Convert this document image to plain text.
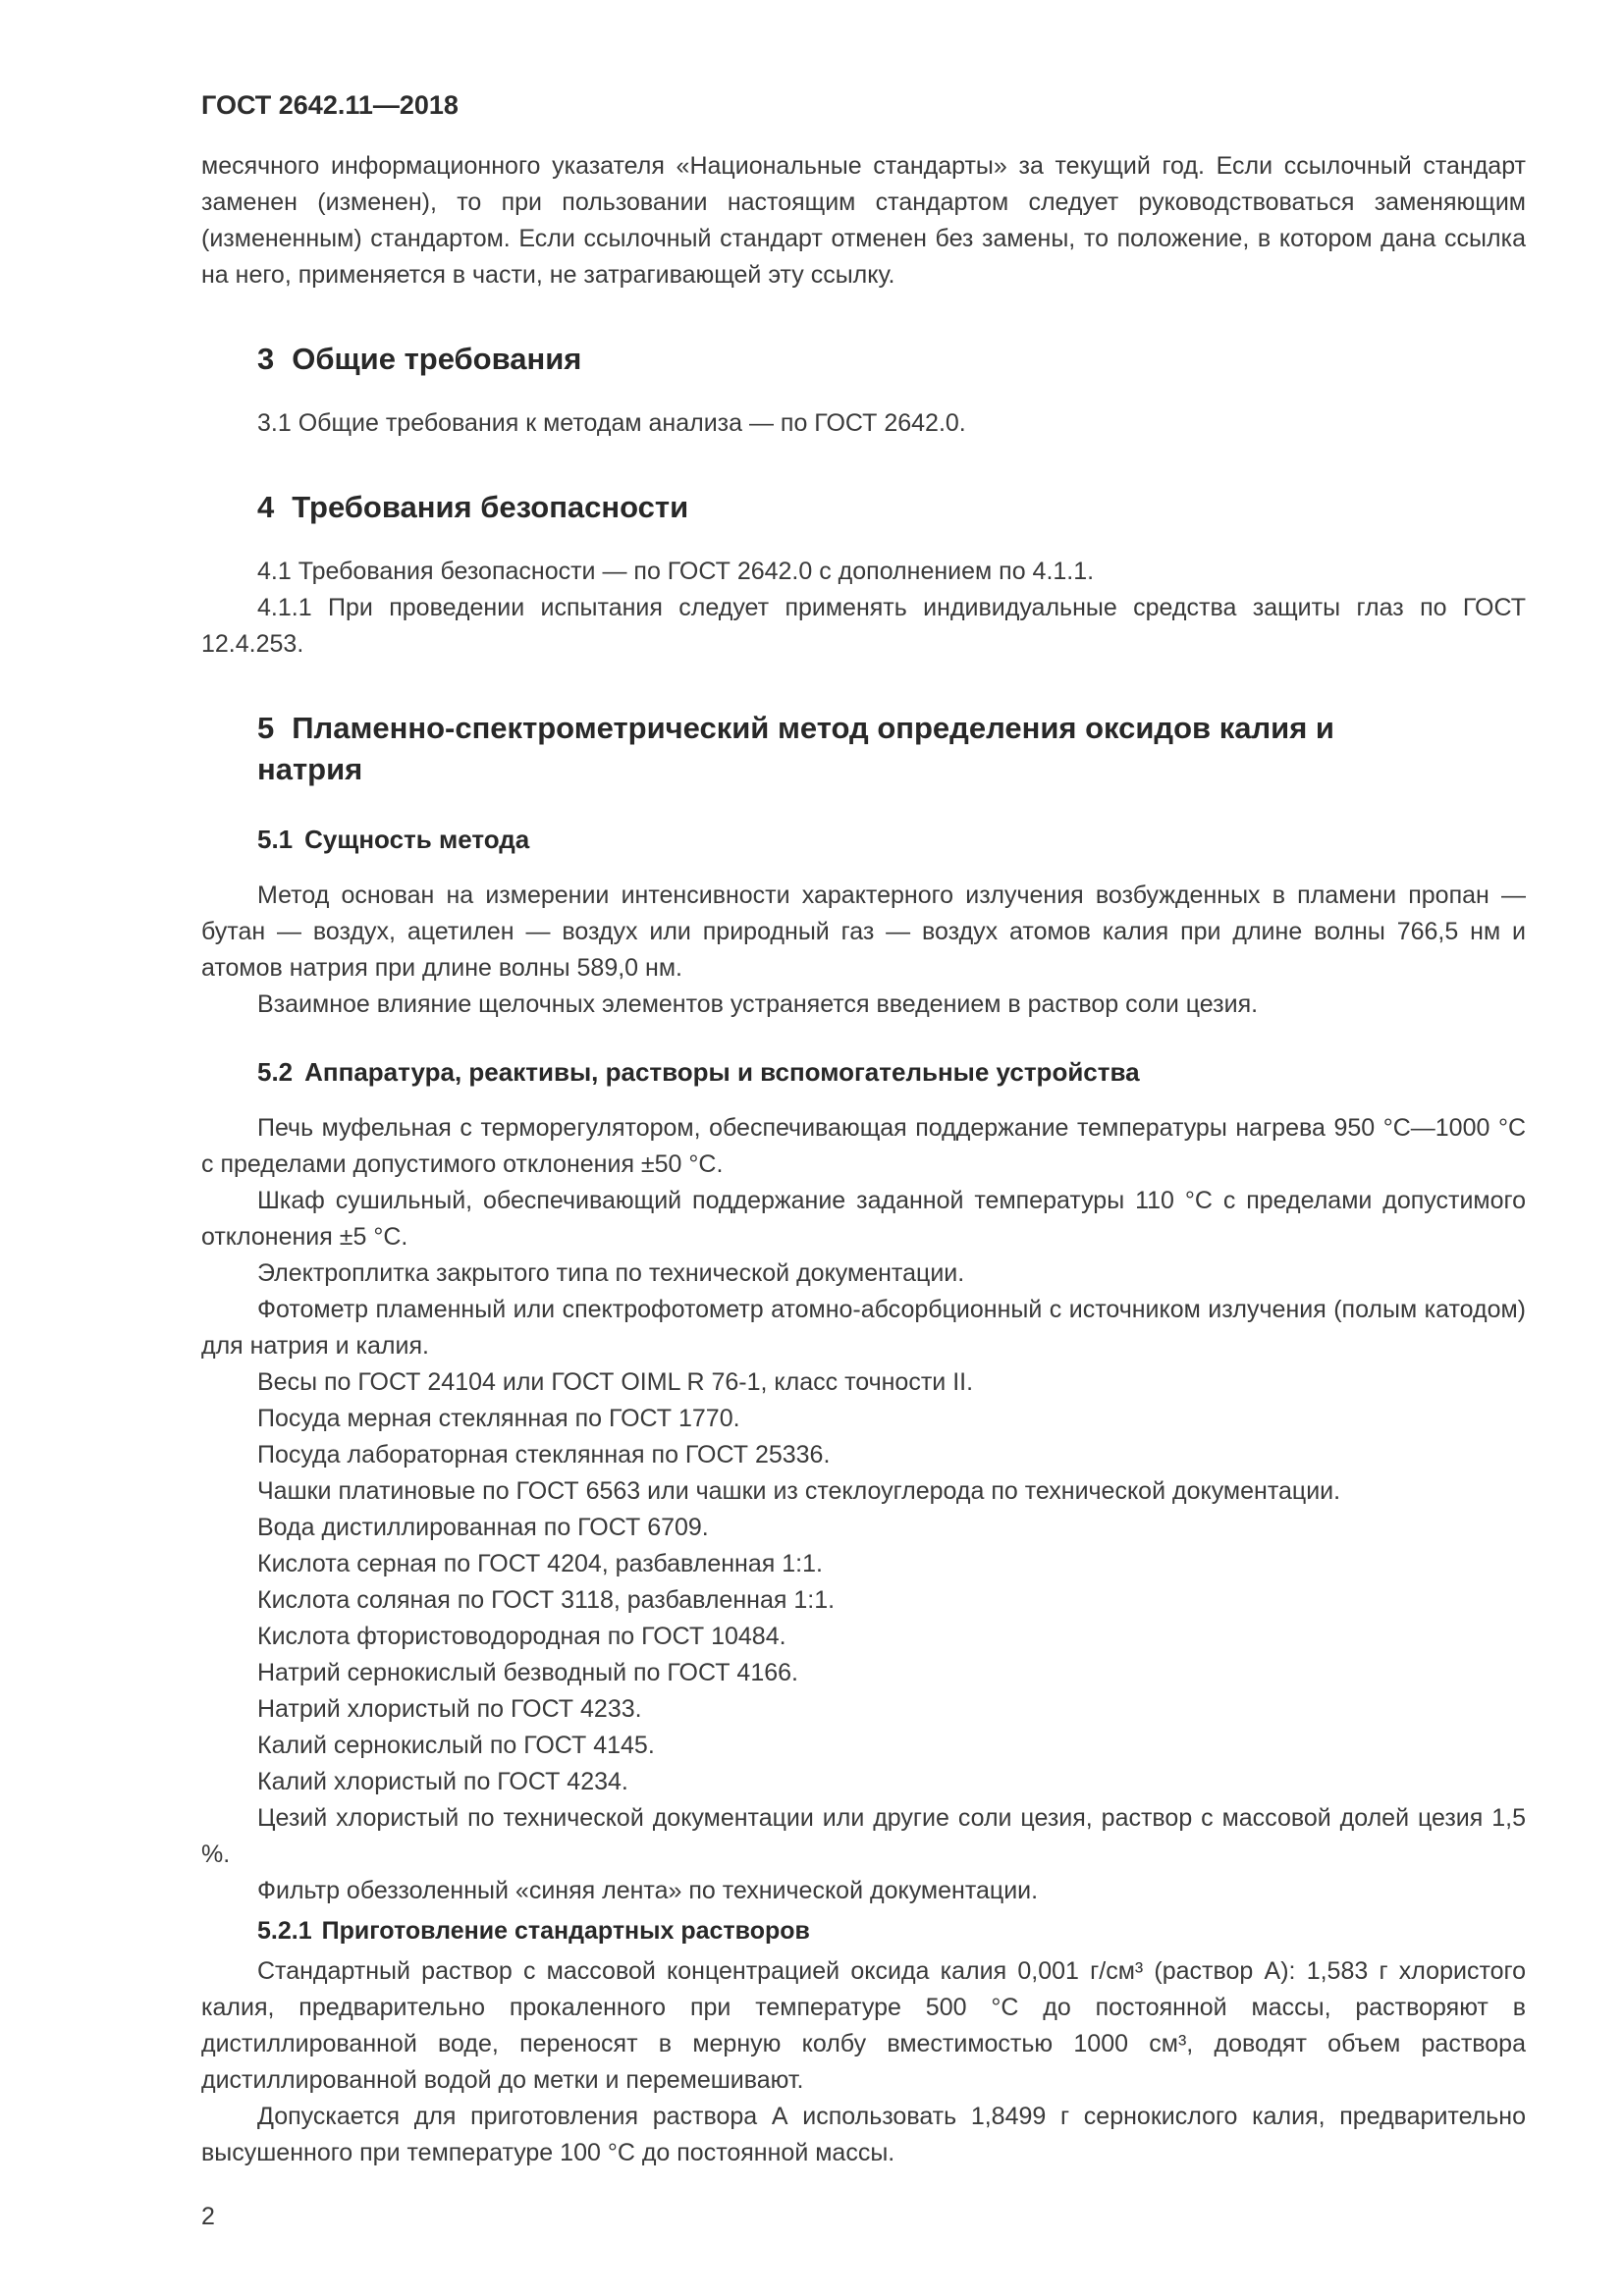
ГОСТ 2642.11—2018

месячного информационного указателя «Национальные стандарты» за текущий год. Если ссылочный стандарт заменен (изменен), то при пользовании настоящим стандартом следует руководствоваться заменяющим (измененным) стандартом. Если ссылочный стандарт отменен без замены, то положение, в котором дана ссылка на него, применяется в части, не затрагивающей эту ссылку.

3 Общие требования

3.1 Общие требования к методам анализа — по ГОСТ 2642.0.

4 Требования безопасности

4.1 Требования безопасности — по ГОСТ 2642.0 с дополнением по 4.1.1.

4.1.1 При проведении испытания следует применять индивидуальные средства защиты глаз по ГОСТ 12.4.253.

5 Пламенно-спектрометрический метод определения оксидов калия и натрия
5.1 Сущность метода

Метод основан на измерении интенсивности характерного излучения возбужденных в пламени пропан — бутан — воздух, ацетилен — воздух или природный газ — воздух атомов калия при длине волны 766,5 нм и атомов натрия при длине волны 589,0 нм.

Взаимное влияние щелочных элементов устраняется введением в раствор соли цезия.

5.2 Аппаратура, реактивы, растворы и вспомогательные устройства

Печь муфельная с терморегулятором, обеспечивающая поддержание температуры нагрева 950 °С—1000 °С с пределами допустимого отклонения ±50 °С.

Шкаф сушильный, обеспечивающий поддержание заданной температуры 110 °С с пределами допустимого отклонения ±5 °С.

Электроплитка закрытого типа по технической документации.

Фотометр пламенный или спектрофотометр атомно-абсорбционный с источником излучения (полым катодом) для натрия и калия.

Весы по ГОСТ 24104 или ГОСТ OIML R 76-1, класс точности II.

Посуда мерная стеклянная по ГОСТ 1770.

Посуда лабораторная стеклянная по ГОСТ 25336.

Чашки платиновые по ГОСТ 6563 или чашки из стеклоуглерода по технической документации.

Вода дистиллированная по ГОСТ 6709.

Кислота серная по ГОСТ 4204, разбавленная 1:1.

Кислота соляная по ГОСТ 3118, разбавленная 1:1.

Кислота фтористоводородная по ГОСТ 10484.

Натрий сернокислый безводный по ГОСТ 4166.

Натрий хлористый по ГОСТ 4233.

Калий сернокислый по ГОСТ 4145.

Калий хлористый по ГОСТ 4234.

Цезий хлористый по технической документации или другие соли цезия, раствор с массовой долей цезия 1,5 %.

Фильтр обеззоленный «синяя лента» по технической документации.

5.2.1 Приготовление стандартных растворов

Стандартный раствор с массовой концентрацией оксида калия 0,001 г/см³ (раствор А): 1,583 г хлористого калия, предварительно прокаленного при температуре 500 °С до постоянной массы, растворяют в дистиллированной воде, переносят в мерную колбу вместимостью 1000 см³, доводят объем раствора дистиллированной водой до метки и перемешивают.

Допускается для приготовления раствора А использовать 1,8499 г сернокислого калия, предварительно высушенного при температуре 100 °С до постоянной массы.

2
